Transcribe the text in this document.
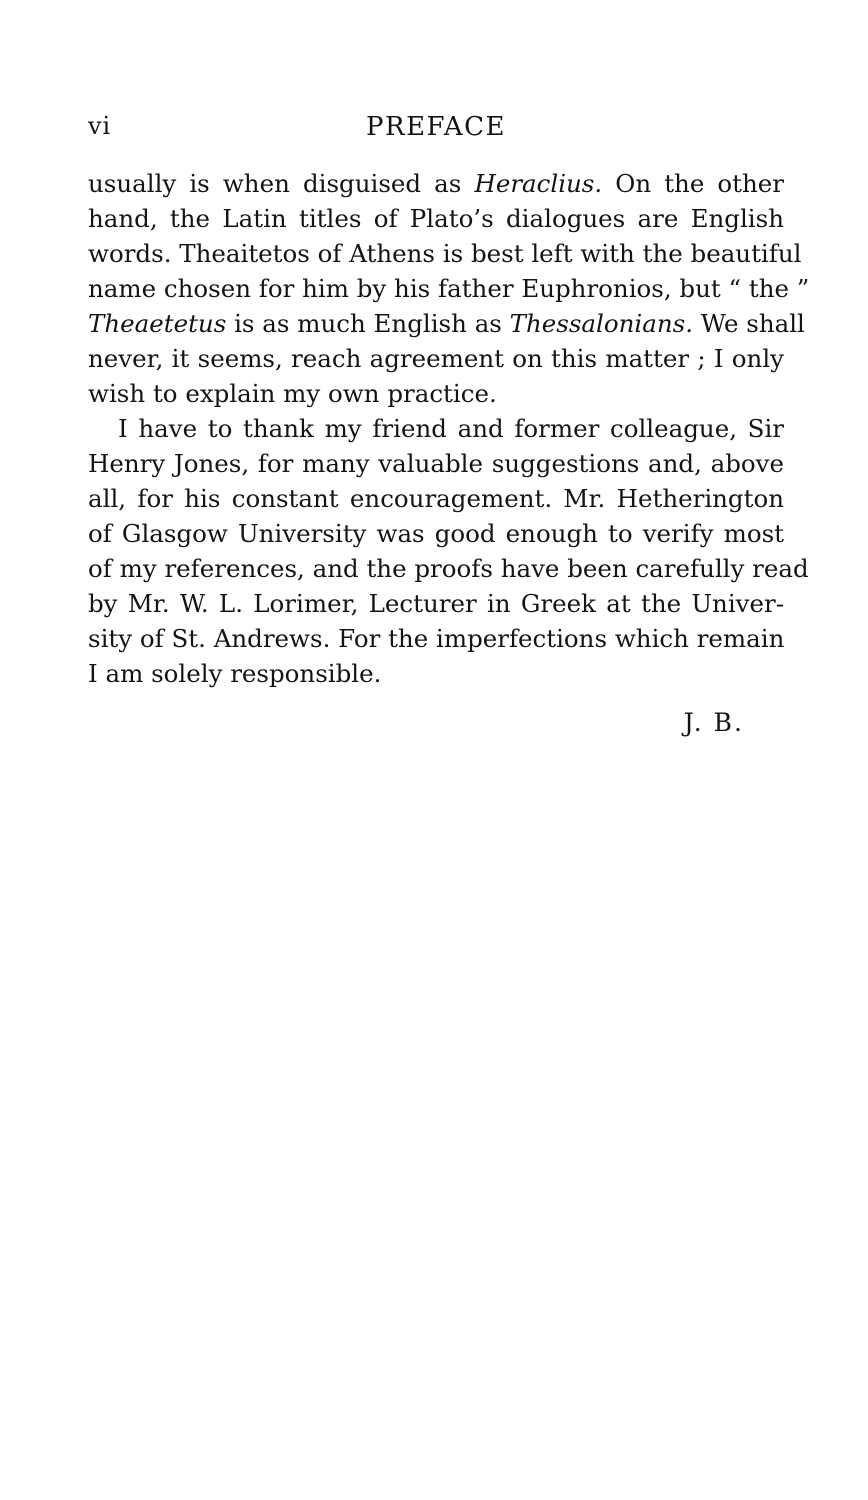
vi	PREFACE
usually is when disguised as Heraclius. On the other
hand, the Latin titles of Plato’s dialogues are English
words. Theaitetos of Athens is best left with the beautiful
name chosen for him by his father Euphronios, but “ the ”
Theaetetus is as much English as Thessalonians. We shall
never, it seems, reach agreement on this matter ; I only
wish to explain my own practice.
I have to thank my friend and former colleague, Sir
Henry Jones, for many valuable suggestions and, above
all, for his constant encouragement. Mr. Hetherington
of Glasgow University was good enough to verify most
of my references, and the proofs have been carefully read
by Mr. W. L. Lorimer, Lecturer in Greek at the Univer-
sity of St. Andrews. For the imperfections which remain
I am solely responsible.
J. B.
